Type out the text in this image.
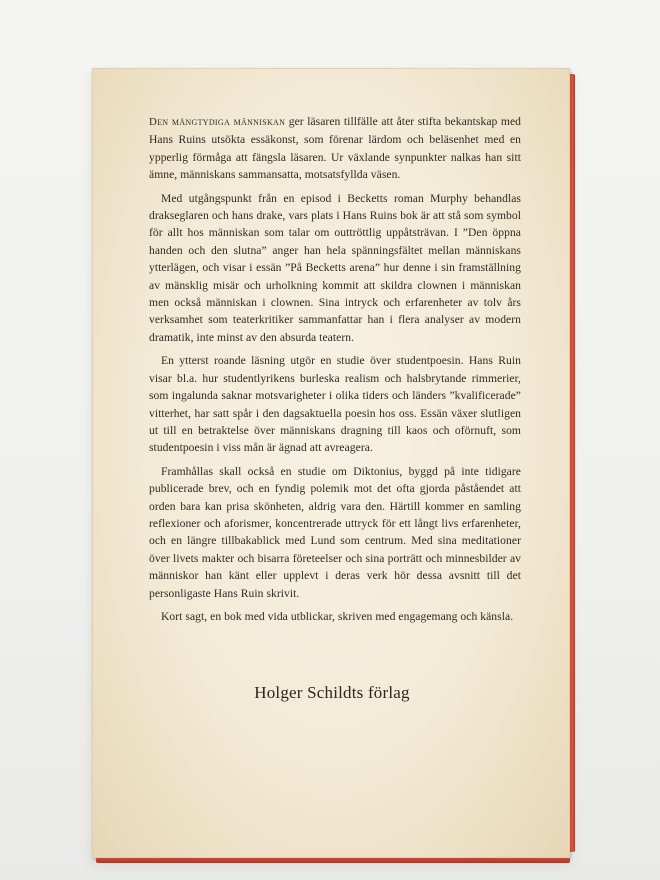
Den mångtydiga människan ger läsaren tillfälle att åter stifta bekantskap med Hans Ruins utsökta essäkonst, som förenar lärdom och beläsenhet med en ypperlig förmåga att fängsla läsaren. Ur växlande synpunkter nalkas han sitt ämne, människans sammansatta, motsatsfyllda väsen.

Med utgångspunkt från en episod i Becketts roman Murphy behandlas drakseglaren och hans drake, vars plats i Hans Ruins bok är att stå som symbol för allt hos människan som talar om outtröttlig uppåtsträvan. I ”Den öppna handen och den slutna” anger han hela spänningsfältet mellan människans ytterlägen, och visar i essän ”På Becketts arena” hur denne i sin framställning av mänsklig misär och urholkning kommit att skildra clownen i människan men också människan i clownen. Sina intryck och erfarenheter av tolv års verksamhet som teaterkritiker sammanfattar han i flera analyser av modern dramatik, inte minst av den absurda teatern.

En ytterst roande läsning utgör en studie över studentpoesin. Hans Ruin visar bl.a. hur studentlyrikens burleska realism och halsbrytande rimmerier, som ingalunda saknar motsvarigheter i olika tiders och länders ”kvalificerade” vitterhet, har satt spår i den dagsaktuella poesin hos oss. Essän växer slutligen ut till en betraktelse över människans dragning till kaos och oförnuft, som studentpoesin i viss mån är ägnad att avreagera.

Framhållas skall också en studie om Diktonius, byggd på inte tidigare publicerade brev, och en fyndig polemik mot det ofta gjorda påståendet att orden bara kan prisa skönheten, aldrig vara den. Härtill kommer en samling reflexioner och aforismer, koncentrerade uttryck för ett långt livs erfarenheter, och en längre tillbakablick med Lund som centrum. Med sina meditationer över livets makter och bisarra företeelser och sina porträtt och minnesbilder av människor han känt eller upplevt i deras verk hör dessa avsnitt till det personligaste Hans Ruin skrivit.

Kort sagt, en bok med vida utblickar, skriven med engagemang och känsla.

Holger Schildts förlag
